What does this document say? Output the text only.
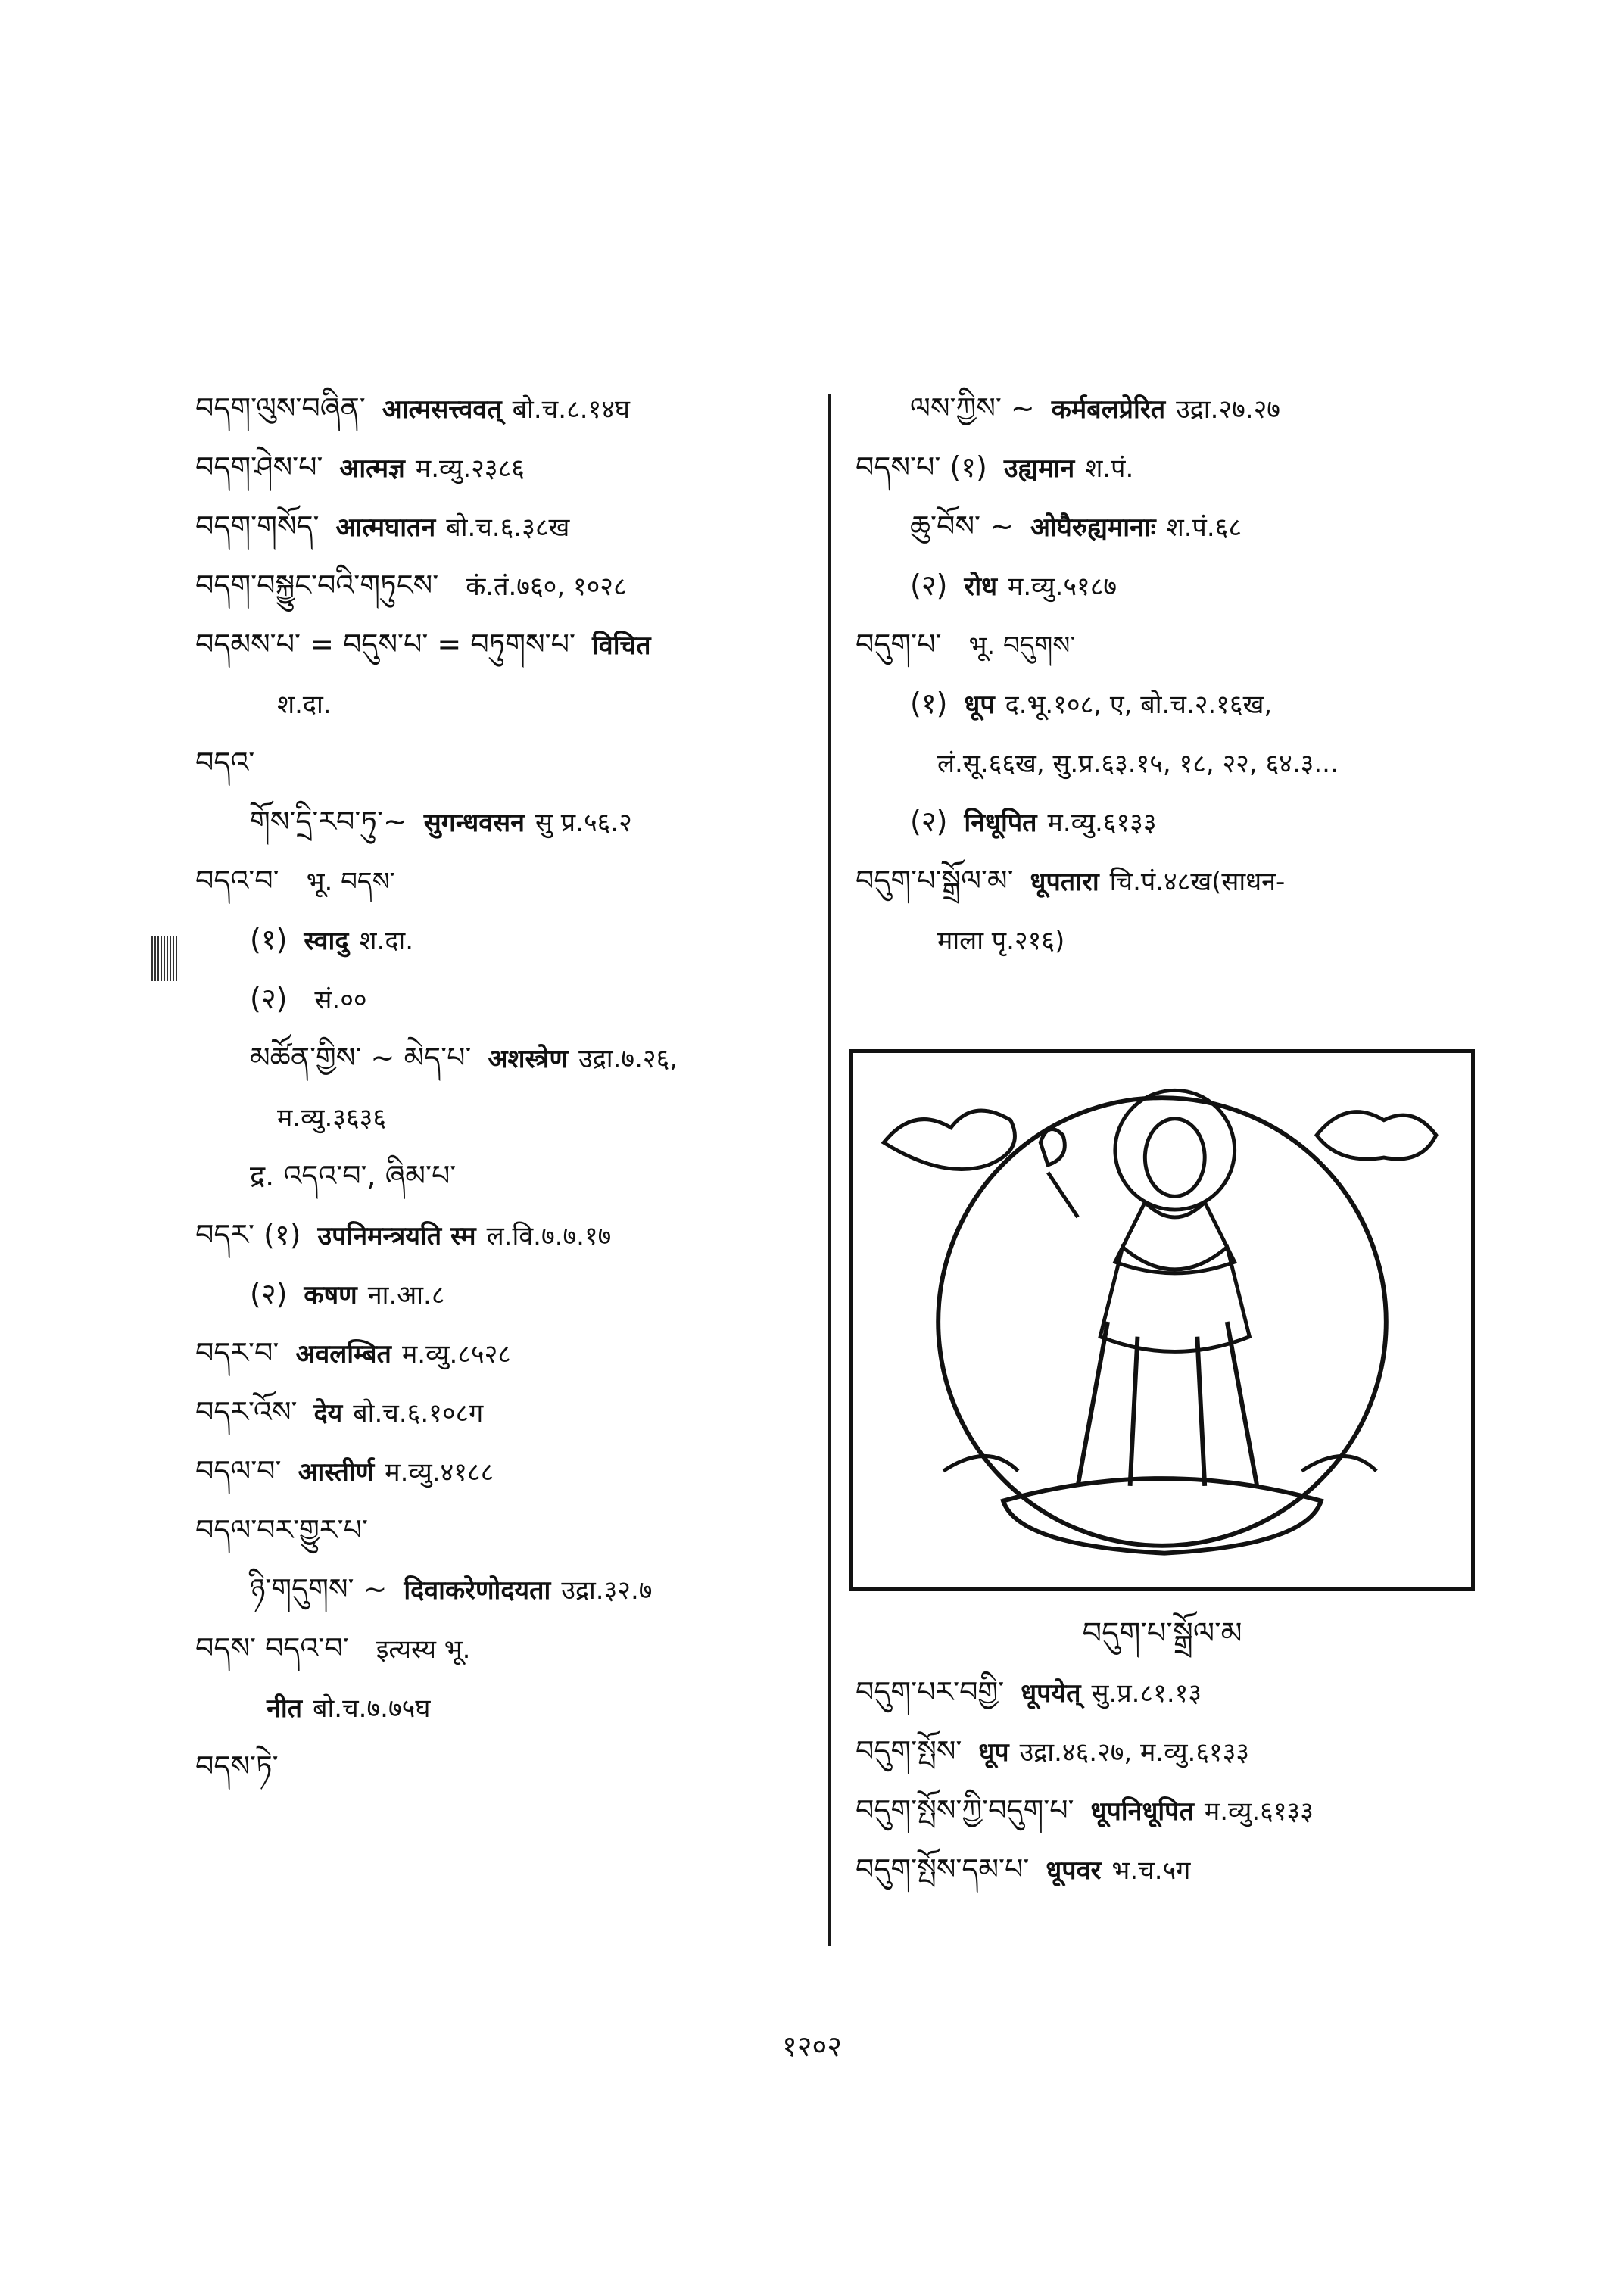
བདག་ལུས་བཞིན་ आत्मसत्त्ववत् बो.च.८.१४घ
བདག་ཤེས་པ་ आत्मज्ञ म.व्यु.२३८६
བདག་གསོད་ आत्मघातन बो.च.६.३८ख
བདག་བསྐྱུང་བའི་གཏུངས་ कं.तं.७६०, १०२८
བདམས་པ་ = བདུས་པ་ = བཏུགས་པ་ विचित
श.दा.
བདའ་
གོས་དྲི་རབ་ཏུ་~ सुगन्धवसन सु प्र.५६.२
བདའ་བ་ भू. བདས་
(१) स्वादु श.दा.
(२) सं.००
མཚོན་གྱིས་ ~ མེད་པ་ अशस्त्रेण उद्रा.७.२६,
म.व्यु.३६३६
द्र. འདའ་བ་, ཞིམ་པ་
བདར་ (१) उपनिमन्त्रयति स्म ल.वि.७.७.१७
(२) कषण ना.आ.८
བདར་བ་ अवलम्बित म.व्यु.८५२८
བདར་འོས་ देय बो.च.६.१०८ग
བདལ་བ་ आस्तीर्ण म.व्यु.४१८८
བདལ་བར་གྱུར་པ་
ཉི་གདུགས་ ~ दिवाकरेणोदयता उद्रा.३२.७
བདས་ བདའ་བ་ इत्यस्य भू.
नीत बो.च.७.७५घ
བདས་ཏེ་
ལས་ཀྱིས་ ~ कर्मबलप्रेरित उद्रा.२७.२७
བདས་པ་ (१) उह्यमान श.पं.
ཆུ་བོས་ ~ ओघैरुह्यमानाः श.पं.६८
(२) रोध म.व्यु.५१८७
བདུག་པ་ भू. བདུགས་
(१) धूप द.भू.१०८, ए, बो.च.२.१६ख,
लं.सू.६६ख, सु.प्र.६३.१५, १८, २२, ६४.३...
(२) निधूपित म.व्यु.६१३३
བདུག་པ་སྒྲོལ་མ་ धूपतारा चि.पं.४८ख(साधन-
माला पृ.२१६)
བདུག་པ་སྒྲོལ་མ
བདུག་པར་བགྱི་ धूपयेत् सु.प्र.८१.१३
བདུག་སྤོས་ धूप उद्रा.४६.२७, म.व्यु.६१३३
བདུག་སྤོས་ཀྱི་བདུག་པ་ धूपनिधूपित म.व्यु.६१३३
བདུག་སྤོས་དམ་པ་ धूपवर भ.च.५ग
१२०२
